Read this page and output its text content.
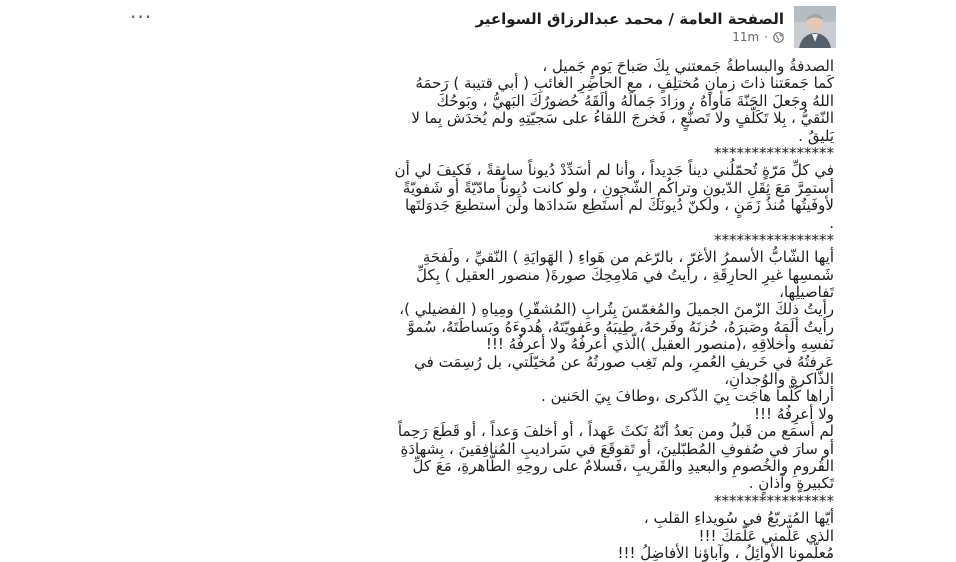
الصفحة العامة / محمد عبدالرزاق السواعير
11m ·
···
الصدفةُ والبساطةُ جَمعتني بِكَ صَباحَ يَومٍ جَميل ،
كَما جَمعَتنا ذاتَ زمانٍ مُختلِفٍ ، مع الحاضِرِ الغائبِ ( أبي قتيبة ) رَحمَهُ
اللهُ وجَعلَ الجَنّةَ مَأواهُ ، وزادَ جَمالَهُ وألَقَهُ حُضورُكَ البَهيُّ ، وبَوحُكَ
النّقيُّ ، بِلا تَكَلّفٍ ولا تَصنُّعٍ ، فَخرجَ اللقاءُ على سَجيّتِهِ ولم يُخدَش بِما لا
يَليقُ .
****************
في كلِّ مَرّةٍ تُحمّلُني ديناً جَديداً ، وأنا لم أسَدِّدْ دُيوناً سابِقةً ، فَكيفَ لي أن
أستمِرَّ مَعَ ثِقَلِ الدّيونِ وتراكُمِ الشّجونِ ، ولو كانت دُيوناً مادّيّةً أو شَفويّةً
لأوفَيتُها مُنذُ زَمَنٍ ، ولكنّ دُيونَكَ لم أستَطِع سَدادَها ولَن أستطيعَ جَدوَلتَها
.
****************
أيها الشّابُّ الأسمرُ الأغرّ ، بالرّغم من هَواءِ ( الهَوايَةِ ) النّقيِّ ، ولَفحَةِ
شَمسِها غيرِ الحارِقَةِ ، رأيتُ في مَلامِحِكَ صورةَ( منصور العقيل ) بِكلِّ
تَفاصيلِها،
رأيتُ ذلكَ الزّمنَ الجميلَ والمُغمّسَ بِتُرابِ (المُشقّرِ) ومِياهِ ( الفضيلي )،
رأيتُ ألَمَهُ وصَبرَهُ، حُزنَهُ وفَرحَهُ، طِيبَهُ وعَفويّتَهُ، هُدوءَهُ وبَساطَتَهُ، سُموَّ
نَفسِهِ وأخلاقِهِ ،(منصور العقيل )الّذي أعرفُهُ ولا أعرفُهُ !!!
عَرفتُهُ في خَريفِ العُمرِ، ولم تَغِب صورتُهُ عن مُخيّلَتي، بل رُسِمَت في
الذّاكرةِ والوُجدانِ،
أراها كُلّما هاجَت بِيَ الذّكرى ،وطافَ بِيَ الحَنين .
ولا أعرِفُهُ !!!
لم أسمَع من قَبلُ ومن بَعدُ أنّهُ نَكثَ عَهداً ، أو أخلفَ وَعداً ، أو قَطَعَ رَحِماً
أو سارَ في صُفوفِ المُطبّلينَ، أو تَقوقَعَ في سَراديبِ المُنافِقينَ ، بِشهادَةِ
القُرومِ والخُصومِ والبعيدِ والقَريبِ ،فَسلامٌ على روحِهِ الطّاهرةِ، مَعَ كلِّ
تَكبيرةٍ وآذانٍ .
****************
أيّها المُتربّعُ في سُويداءِ القلبِ ،
الذي عَلّمني عَلّمَكَ !!!
مُعلّمونا الأوائِلُ ، وآباؤنا الأفاضِلُ !!!
